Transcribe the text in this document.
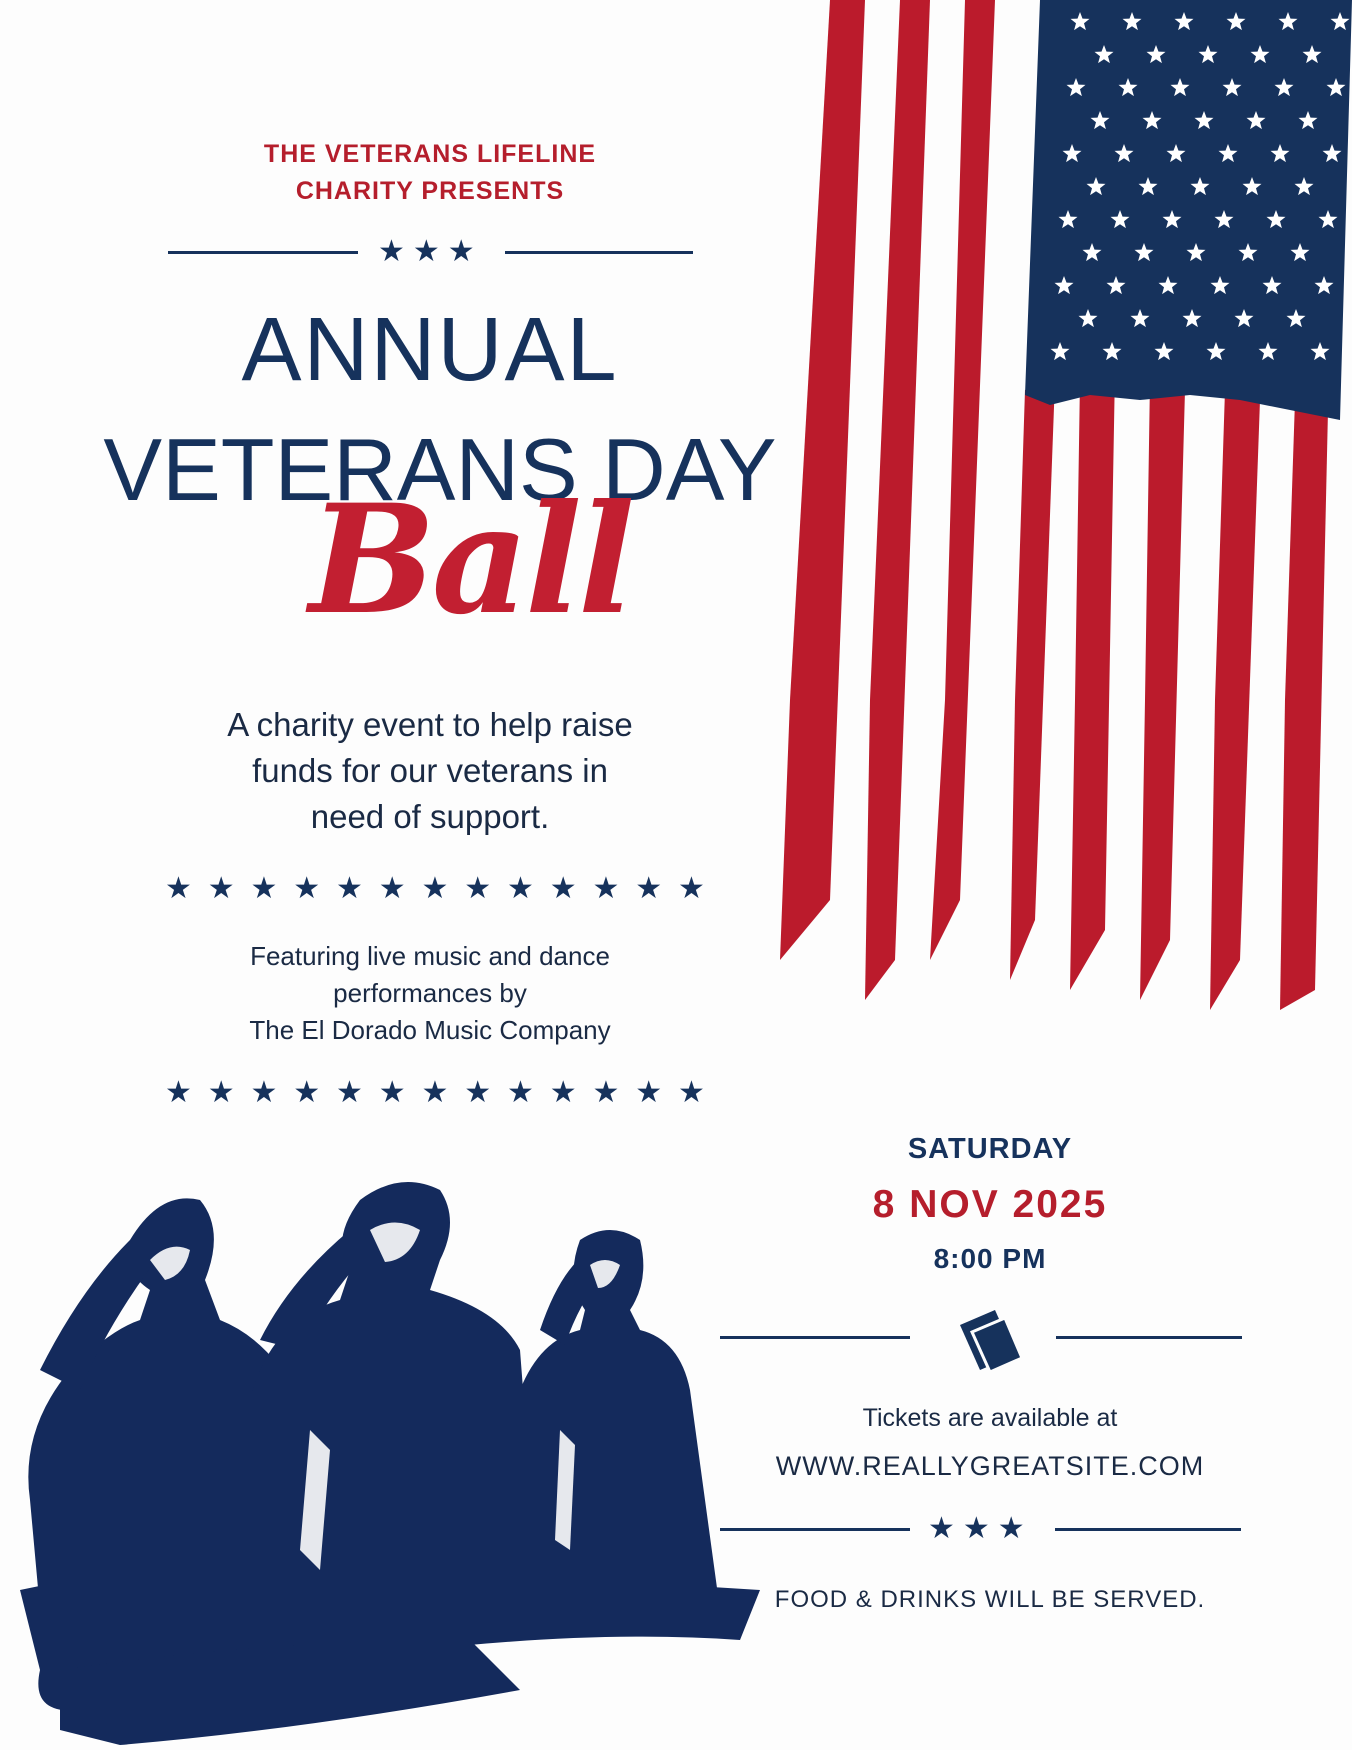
THE VETERANS LIFELINE
CHARITY PRESENTS
★★★
ANNUAL
VETERANS DAY
Ball
A charity event to help raise
funds for our veterans in
need of support.
★ ★ ★ ★ ★ ★ ★ ★ ★ ★ ★ ★ ★
Featuring live music and dance
performances by
The El Dorado Music Company
★ ★ ★ ★ ★ ★ ★ ★ ★ ★ ★ ★ ★
SATURDAY
8 NOV 2025
8:00 PM
Tickets are available at
WWW.REALLYGREATSITE.COM
★★★
FOOD & DRINKS WILL BE SERVED.
